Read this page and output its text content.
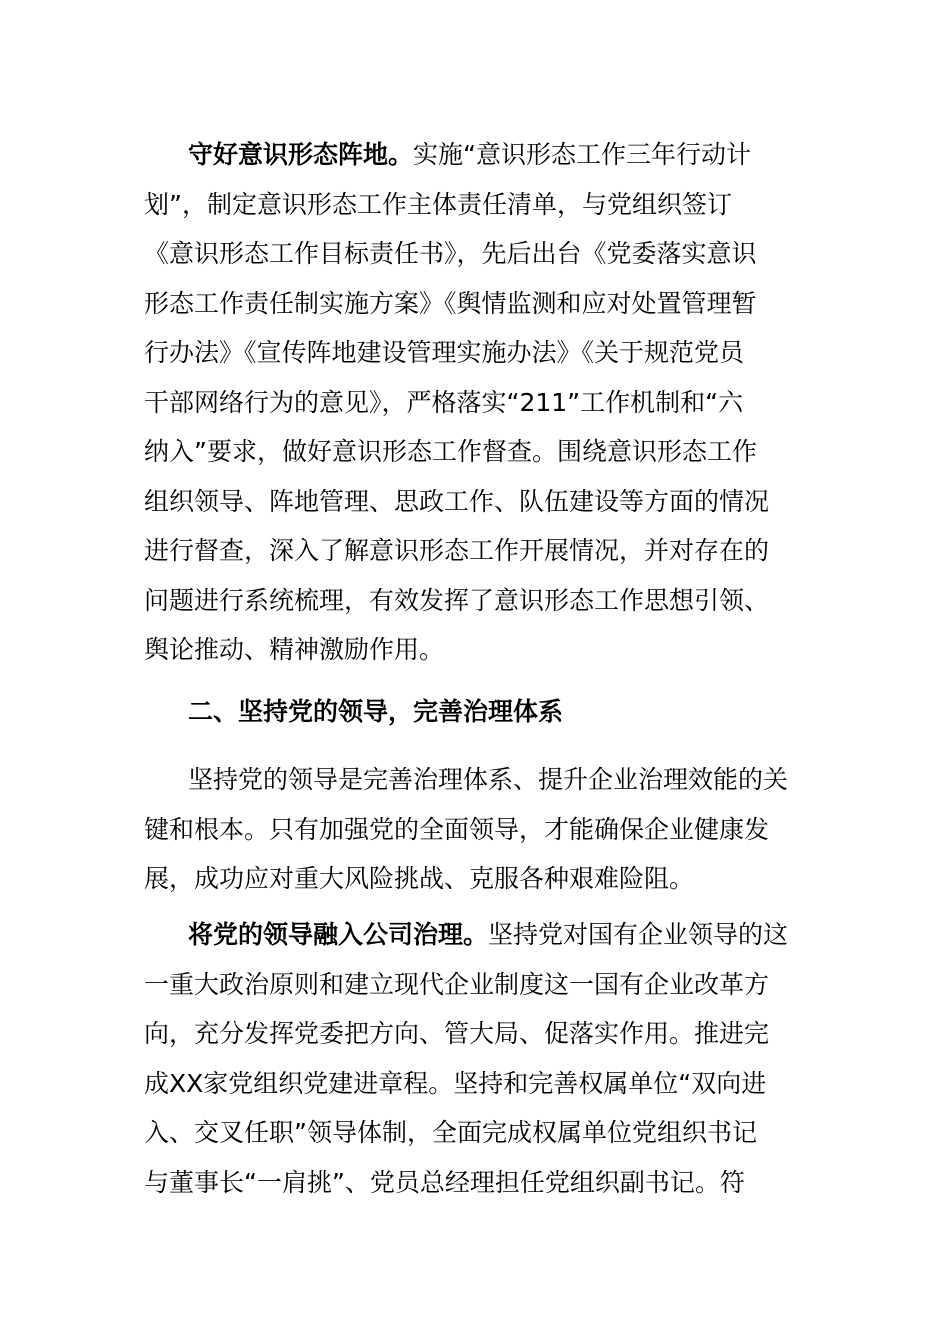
守好意识形态阵地。实施“意识形态工作三年行动计
划”，制定意识形态工作主体责任清单，与党组织签订
《意识形态工作目标责任书》，先后出台《党委落实意识
形态工作责任制实施方案》《舆情监测和应对处置管理暂
行办法》《宣传阵地建设管理实施办法》《关于规范党员
干部网络行为的意见》，严格落实“211”工作机制和“六
纳入”要求，做好意识形态工作督查。围绕意识形态工作
组织领导、阵地管理、思政工作、队伍建设等方面的情况
进行督查，深入了解意识形态工作开展情况，并对存在的
问题进行系统梳理，有效发挥了意识形态工作思想引领、
舆论推动、精神激励作用。

二、坚持党的领导，完善治理体系

坚持党的领导是完善治理体系、提升企业治理效能的关
键和根本。只有加强党的全面领导，才能确保企业健康发
展，成功应对重大风险挑战、克服各种艰难险阻。

将党的领导融入公司治理。坚持党对国有企业领导的这
一重大政治原则和建立现代企业制度这一国有企业改革方
向，充分发挥党委把方向、管大局、促落实作用。推进完
成XX家党组织党建进章程。坚持和完善权属单位“双向进
入、交叉任职”领导体制，全面完成权属单位党组织书记
与董事长“一肩挑”、党员总经理担任党组织副书记。符
